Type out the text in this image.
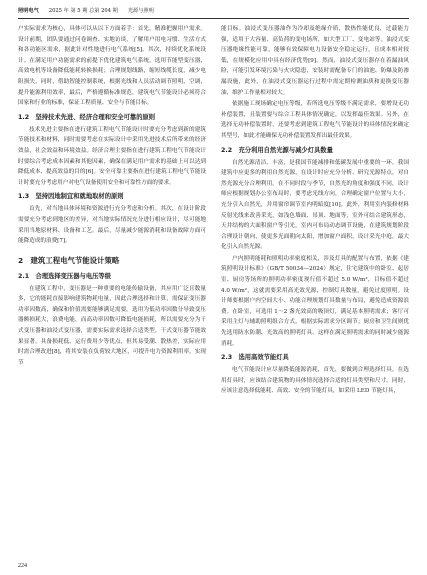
照明电气 2025 年 第 5 期 总第 204 期 光源与照明

户实际需求为核心，具体可以从以下方面着手：首先，精准把握用户需求。设计前期，团队要通过问卷调查、实地访谈，了解用户用电习惯、生活方式和各功能区需求，据此针对性地进行电气系统[5]。其次，持续优化系统设计。在满足用户功能需求的前提下优化建筑电气系统，选用节能型变压器、高效电机等设备降低能耗转换损耗；合理规划线路，缩短线缆长度，减少电阻损失。同时，借助智能控制系统，根据光线和人员活动调节照明、空调，提升能源利用效率，最后，严格遵循标准规范。建筑电气节能设计必须符合国家和行业的标准，保证工程质量、安全与节能目标。

1.2　坚持技术先进、经济合理和安全可靠的原则

技术先进主要指在进行建筑工程电气节能设计时要充分考虑到新的建筑节能技术和材料，同时需要考虑在实际设计中采用先进技术后所带来的经济效益，社会效益和环境效益。经济合理主要指在进行建筑工程电气节能设计时要综合考虑成本因素和其他因素，确保在满足用户需求的基础上可以达到降低成本、提高效益的目的[6]。安全可靠主要指在进行建筑工程电气节能设计时要充分考虑用户对电气设备使用安全和可靠性方面的要求。

1.3　坚持因地制宜和就地取材的原则

首先，对当地具体环境和资源进行充分考虑和分析。其次，在设计阶段需要充分考虑到地区的差异，对当地实际情况充分进行相应设计，尽可能地采用当地原材料、设备和工艺。最后，尽量减少能源消耗和设备故障方面可能降造成的浪费[7]。

2　建筑工程电气节能设计策略
2.1　合理选择变压器与电压等级

在建筑工程中，变压器是一种重要的电能传输设备，其应用广泛且数量多，它的能耗直接影响建筑物耗电量，因此合理选择和计算，需保证变压器功率因数高，确保和价值需要能够满足需要。选用为低功率因数分导致变压器额损耗大，浪费电能，而高功率因数可降低电能损耗，所以需要充分为干式变压器和油浸式变压器，需要实际需求选择合适类型。干式变压器节能效果显著，具备损耗低、运行费用少等优点，但其易受潮、散热差，实际应用时需合理改进[8]，将其安装在负荷较大地区，可提升电力资源利用率，实现节

能目标。油浸式变压器油作为冷却及绝缘介质，散热性能优良，过载能力强，适用于大容量、高负荷的变电场所，如大型工厂、变电站等。油浸式变压器绝缘性能可靠，能够有效保障电力设备安全稳定运行，且成本相对较低，在规模化应用中具有经济优势[9]。然而，油浸式变压器存在着漏油风险，可能引发环境污染与火灾隐患，安装时需配备专门的油池、防爆及防渗漏设施，此外，在油浸式变压器运行过程中需定期检测油质和更换变压器油，维护工作量相对较大。

依据施工现场确定电压等级，若所选电压等级不满足需求，要增设无功补偿装置，且装置要与综合工程具体情况确定，以发挥最佳效果。另外，在选择无功补偿装置时，还要考虑到建筑工程电气节能设计的具体情况来确定其型号，如此才能确保无功补偿装置发挥出最佳效果。

2.2　充分利用自然光源与减少灯具数量

自然光源清洁、丰富，是我国节能减排和低碳发展中重要的一环，我国建筑中应更多的利用自然光源，在设计时应充分分析、研究光源特点，对自然光源充分合理利用。在不同时段与季节，自然光的角度和强度不同，设计师应根据规划办公室布局时，要考虑光线方向，合理确定窗户位置与大小，充分引入自然光，并用窗帘调节室内明暗度[10]。此外，利用室内装修材料反射光线来改善采光，如浅色墙面、吊顶、地面等，室外可结合建筑形态，天井结构的大面积窗户等引光，室内可布局动态调节设施，在建筑规划阶段合理设计朝向，使更多光面朝向太阳，增加窗户面积，设计采光中庭，最大化引入自然光源。

户内照明能耗和照明功率密度相关，涉及灯具的配置与布置，依据《建筑照明设计标准》（GB/T 50034—2024）规定，住宅建筑中的卧室、起居室、厨房等场所的照明功率密度现行值不超过 5.0 W/m²，目标值不超过 4.0 W/m²，这就需要采用高光效光源，控制灯具数量，避免过度照明。设计师要根据户内空间大小、功能合理规划灯具数量与布局，避免造成资源浪费。在卧室，可选用 1～2 盏光效高的吸顶灯，满足基本照明需求；客厅可采用主灯与辅助照明组合方式，根据实际需求分区调节；厨房和卫生间则优先选用防水防潮、光效高的照明灯具。这样在满足照明需求的同时减少能源消耗。

2.3　选用高效节能灯具

电气节能设计应尽量降低能源消耗，首先，要做到合理选择灯具，在选用灯具时，应该结合建筑物的具体情况选择合适的灯具类型和尺寸。同时，应该注意选择低能耗、高效、安全的节能灯具，如采用 LED 节能灯具，

224
